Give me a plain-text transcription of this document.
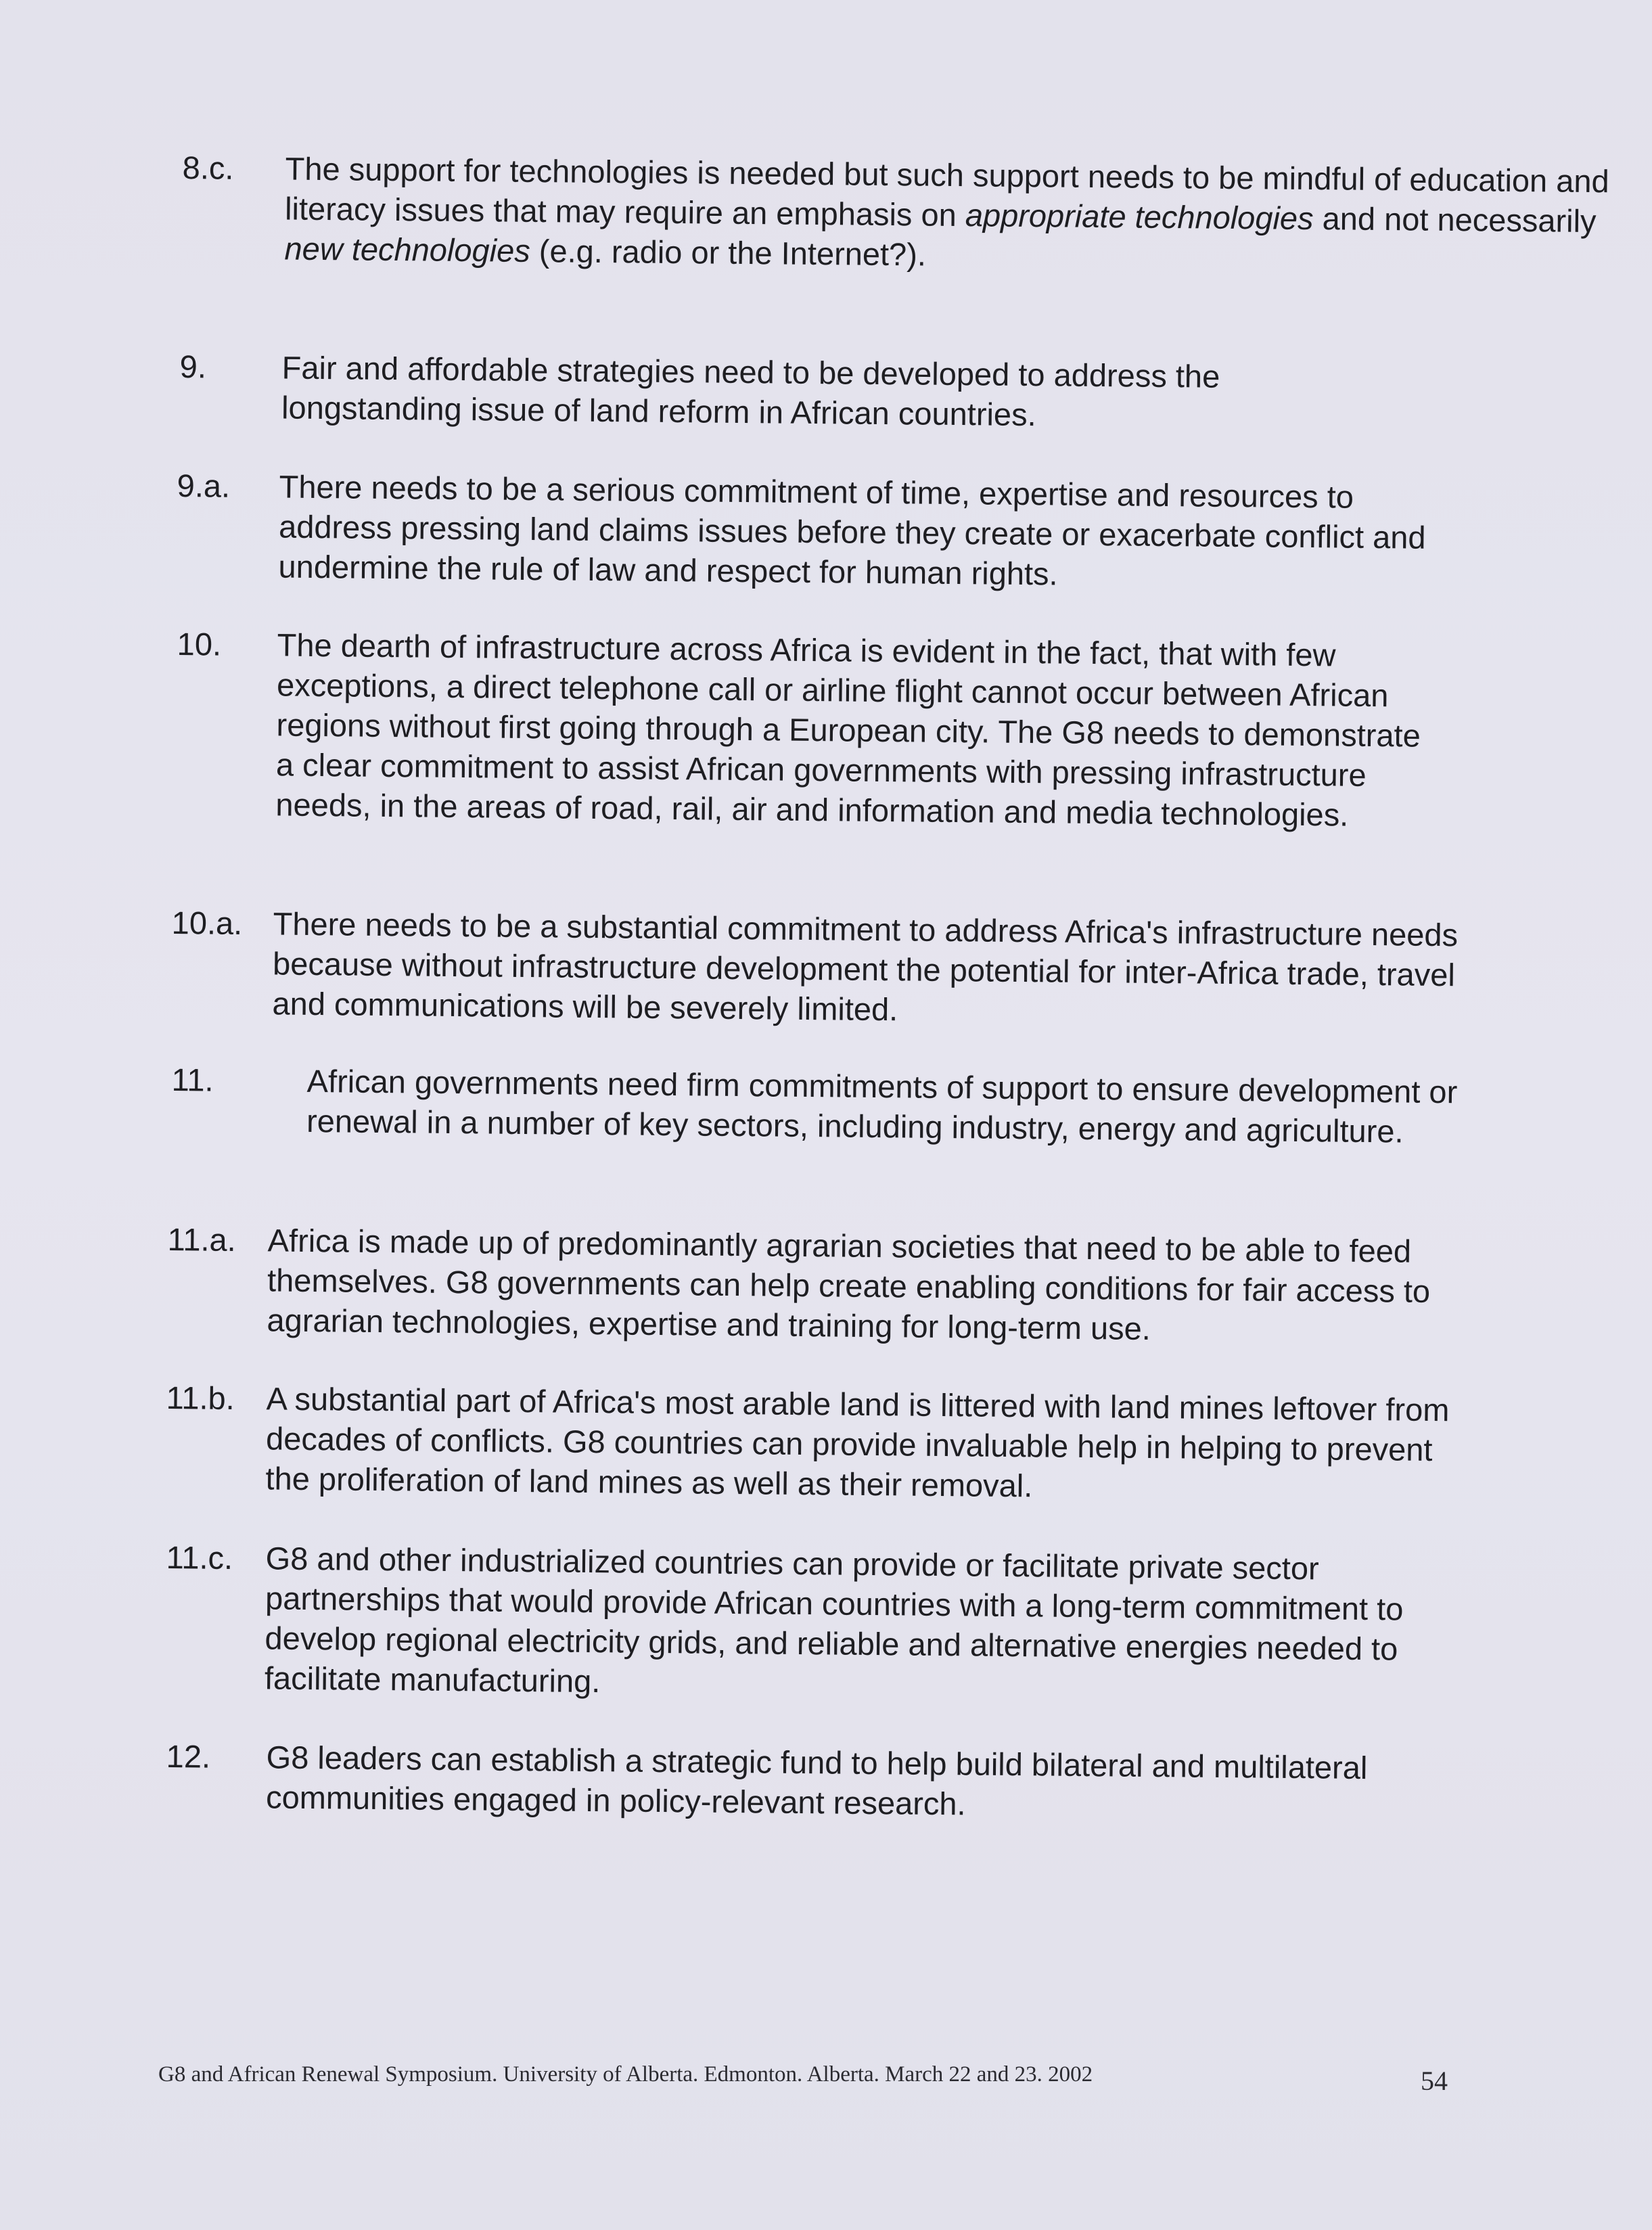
8.c. The support for technologies is needed but such support needs to be mindful of education and literacy issues that may require an emphasis on appropriate technologies and not necessarily new technologies (e.g. radio or the Internet?).
9. Fair and affordable strategies need to be developed to address the longstanding issue of land reform in African countries.
9.a. There needs to be a serious commitment of time, expertise and resources to address pressing land claims issues before they create or exacerbate conflict and undermine the rule of law and respect for human rights.
10. The dearth of infrastructure across Africa is evident in the fact, that with few exceptions, a direct telephone call or airline flight cannot occur between African regions without first going through a European city. The G8 needs to demonstrate a clear commitment to assist African governments with pressing infrastructure needs, in the areas of road, rail, air and information and media technologies.
10.a. There needs to be a substantial commitment to address Africa's infrastructure needs because without infrastructure development the potential for inter-Africa trade, travel and communications will be severely limited.
11.	African governments need firm commitments of support to ensure development or renewal in a number of key sectors, including industry, energy and agriculture.
11.a. Africa is made up of predominantly agrarian societies that need to be able to feed themselves. G8 governments can help create enabling conditions for fair access to agrarian technologies, expertise and training for long-term use.
11.b. A substantial part of Africa's most arable land is littered with land mines leftover from decades of conflicts. G8 countries can provide invaluable help in helping to prevent the proliferation of land mines as well as their removal.
11.c. G8 and other industrialized countries can provide or facilitate private sector partnerships that would provide African countries with a long-term commitment to develop regional electricity grids, and reliable and alternative energies needed to facilitate manufacturing.
12. G8 leaders can establish a strategic fund to help build bilateral and multilateral communities engaged in policy-relevant research.
G8 and African Renewal Symposium. University of Alberta. Edmonton. Alberta. March 22 and 23. 2002	54
